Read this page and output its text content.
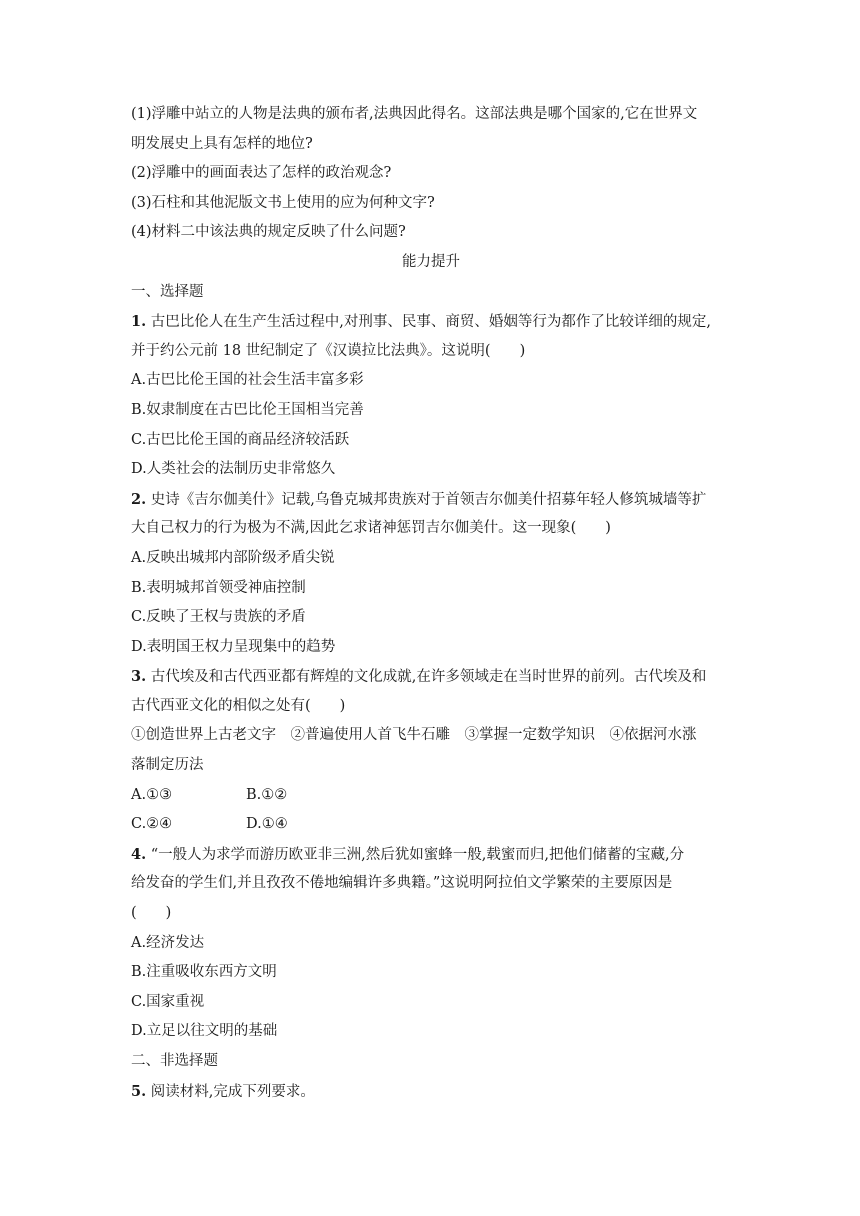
(1)浮雕中站立的人物是法典的颁布者,法典因此得名。这部法典是哪个国家的,它在世界文
明发展史上具有怎样的地位?
(2)浮雕中的画面表达了怎样的政治观念?
(3)石柱和其他泥版文书上使用的应为何种文字?
(4)材料二中该法典的规定反映了什么问题?
能力提升
一、选择题
1. 古巴比伦人在生产生活过程中,对刑事、民事、商贸、婚姻等行为都作了比较详细的规定,
并于约公元前 18 世纪制定了《汉谟拉比法典》。这说明(　　)
A.古巴比伦王国的社会生活丰富多彩
B.奴隶制度在古巴比伦王国相当完善
C.古巴比伦王国的商品经济较活跃
D.人类社会的法制历史非常悠久
2. 史诗《吉尔伽美什》记载,乌鲁克城邦贵族对于首领吉尔伽美什招募年轻人修筑城墙等扩
大自己权力的行为极为不满,因此乞求诸神惩罚吉尔伽美什。这一现象(　　)
A.反映出城邦内部阶级矛盾尖锐
B.表明城邦首领受神庙控制
C.反映了王权与贵族的矛盾
D.表明国王权力呈现集中的趋势
3. 古代埃及和古代西亚都有辉煌的文化成就,在许多领域走在当时世界的前列。古代埃及和
古代西亚文化的相似之处有(　　)
①创造世界上古老文字　②普遍使用人首飞牛石雕　③掌握一定数学知识　④依据河水涨
落制定历法
A.①③	B.①②
C.②④	D.①④
4. “一般人为求学而游历欧亚非三洲,然后犹如蜜蜂一般,载蜜而归,把他们储蓄的宝藏,分
给发奋的学生们,并且孜孜不倦地编辑许多典籍。”这说明阿拉伯文学繁荣的主要原因是
(　　)
A.经济发达
B.注重吸收东西方文明
C.国家重视
D.立足以往文明的基础
二、非选择题
5. 阅读材料,完成下列要求。
